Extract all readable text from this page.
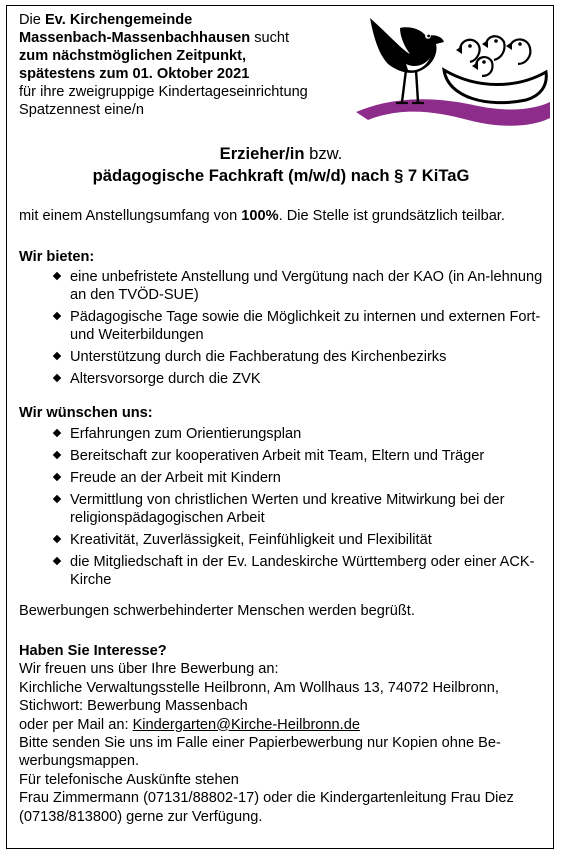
Die Ev. Kirchengemeinde
Massenbach-Massenbachhausen sucht
zum nächstmöglichen Zeitpunkt,
spätestens zum 01. Oktober 2021
für ihre zweigruppige Kindertageseinrichtung
Spatzennest eine/n
Erzieher/in bzw.
pädagogische Fachkraft (m/w/d) nach § 7 KiTaG
mit einem Anstellungsumfang von 100%. Die Stelle ist grundsätzlich teilbar.
Wir bieten:
eine unbefristete Anstellung und Vergütung nach der KAO (in An-lehnung an den TVÖD-SUE)
Pädagogische Tage sowie die Möglichkeit zu internen und externen Fort- und Weiterbildungen
Unterstützung durch die Fachberatung des Kirchenbezirks
Altersvorsorge durch die ZVK
Wir wünschen uns:
Erfahrungen zum Orientierungsplan
Bereitschaft zur kooperativen Arbeit mit Team, Eltern und Träger
Freude an der Arbeit mit Kindern
Vermittlung von christlichen Werten und kreative Mitwirkung bei der religionspädagogischen Arbeit
Kreativität, Zuverlässigkeit, Feinfühligkeit und Flexibilität
die Mitgliedschaft in der Ev. Landeskirche Württemberg oder einer ACK-Kirche
Bewerbungen schwerbehinderter Menschen werden begrüßt.
Haben Sie Interesse?
Wir freuen uns über Ihre Bewerbung an:
Kirchliche Verwaltungsstelle Heilbronn, Am Wollhaus 13, 74072 Heilbronn,
Stichwort: Bewerbung Massenbach
oder per Mail an: Kindergarten@Kirche-Heilbronn.de
Bitte senden Sie uns im Falle einer Papierbewerbung nur Kopien ohne Be-werbungsmappen.
Für telefonische Auskünfte stehen
Frau Zimmermann (07131/88802-17) oder die Kindergartenleitung Frau Diez (07138/813800) gerne zur Verfügung.
